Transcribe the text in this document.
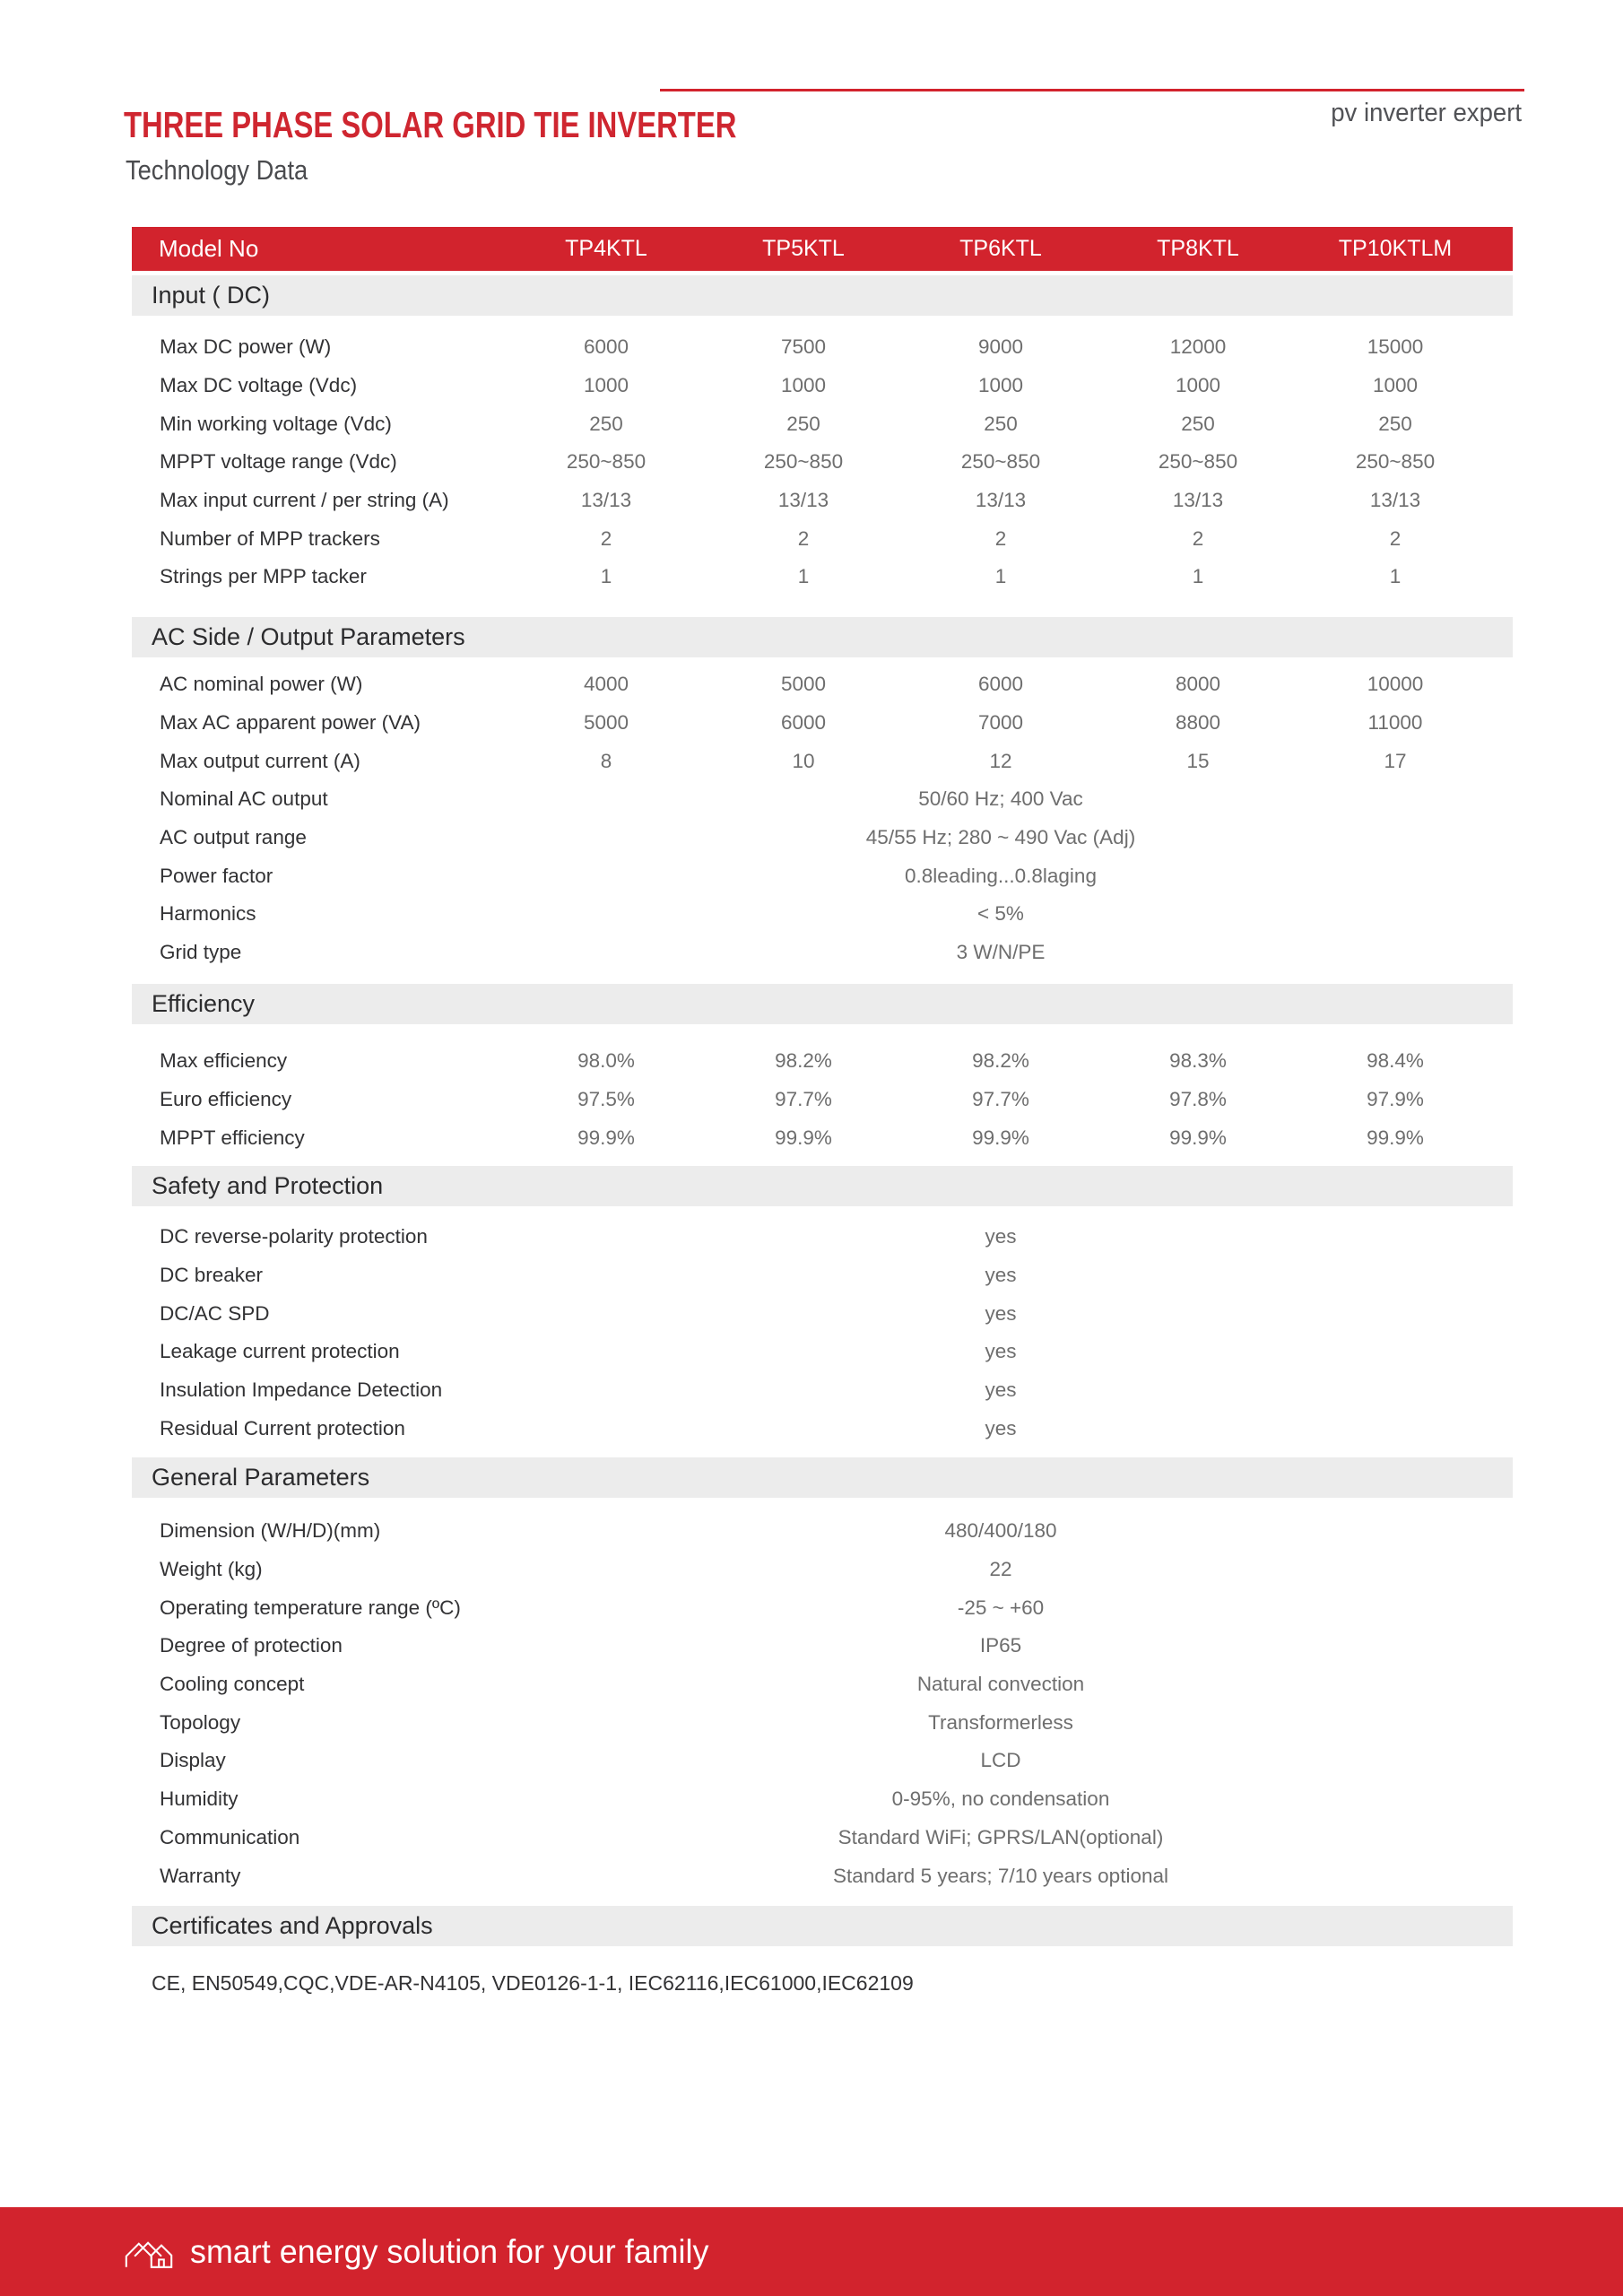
THREE PHASE SOLAR GRID TIE INVERTER
Technology Data
pv inverter expert
Model No	TP4KTL	TP5KTL	TP6KTL	TP8KTL	TP10KTLM
Input ( DC)
Max DC power (W)	6000	7500	9000	12000	15000
Max DC voltage (Vdc)	1000	1000	1000	1000	1000
Min working voltage (Vdc)	250	250	250	250	250
MPPT voltage range (Vdc)	250~850	250~850	250~850	250~850	250~850
Max input current / per string (A)	13/13	13/13	13/13	13/13	13/13
Number of MPP trackers	2	2	2	2	2
Strings per MPP tacker	1	1	1	1	1
AC Side / Output Parameters
AC nominal power (W)	4000	5000	6000	8000	10000
Max AC apparent power (VA)	5000	6000	7000	8800	11000
Max output current (A)	8	10	12	15	17
Nominal AC output	50/60 Hz; 400 Vac
AC output range	45/55 Hz; 280 ~ 490 Vac (Adj)
Power factor	0.8leading...0.8laging
Harmonics	< 5%
Grid type	3 W/N/PE
Efficiency
Max efficiency	98.0%	98.2%	98.2%	98.3%	98.4%
Euro efficiency	97.5%	97.7%	97.7%	97.8%	97.9%
MPPT efficiency	99.9%	99.9%	99.9%	99.9%	99.9%
Safety and Protection
DC reverse-polarity protection	yes
DC breaker	yes
DC/AC SPD	yes
Leakage current protection	yes
Insulation Impedance Detection	yes
Residual Current protection	yes
General Parameters
Dimension (W/H/D)(mm)	480/400/180
Weight (kg)	22
Operating temperature range (ºC)	-25 ~ +60
Degree of protection	IP65
Cooling concept	Natural convection
Topology	Transformerless
Display	LCD
Humidity	0-95%, no condensation
Communication	Standard WiFi; GPRS/LAN(optional)
Warranty	Standard 5 years; 7/10 years optional
Certificates and Approvals
CE, EN50549,CQC,VDE-AR-N4105, VDE0126-1-1, IEC62116,IEC61000,IEC62109
smart energy solution for your family
